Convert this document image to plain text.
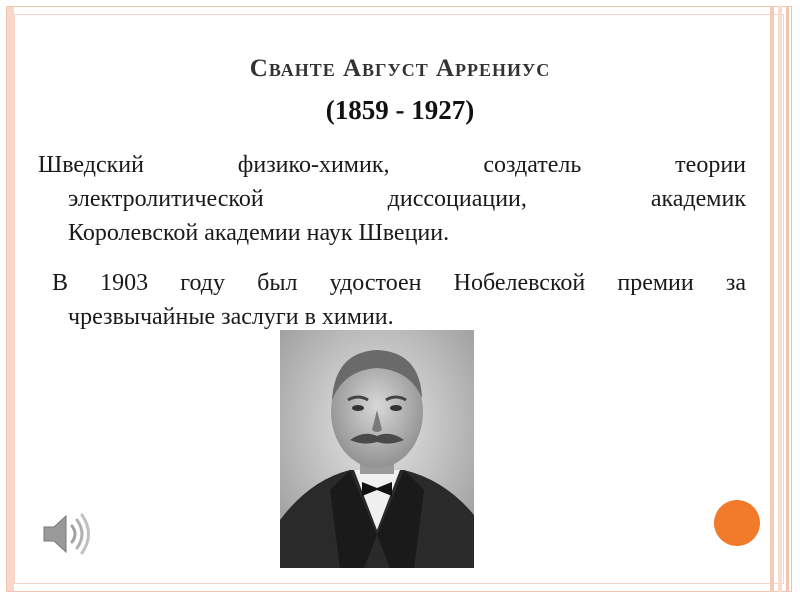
Сванте Август Аррениус
(1859 - 1927)
Шведский физико-химик, создатель теории
электролитической диссоциации, академик
Королевской академии наук Швеции.
В 1903 году был удостоен Нобелевской премии за
чрезвычайные заслуги в химии.
